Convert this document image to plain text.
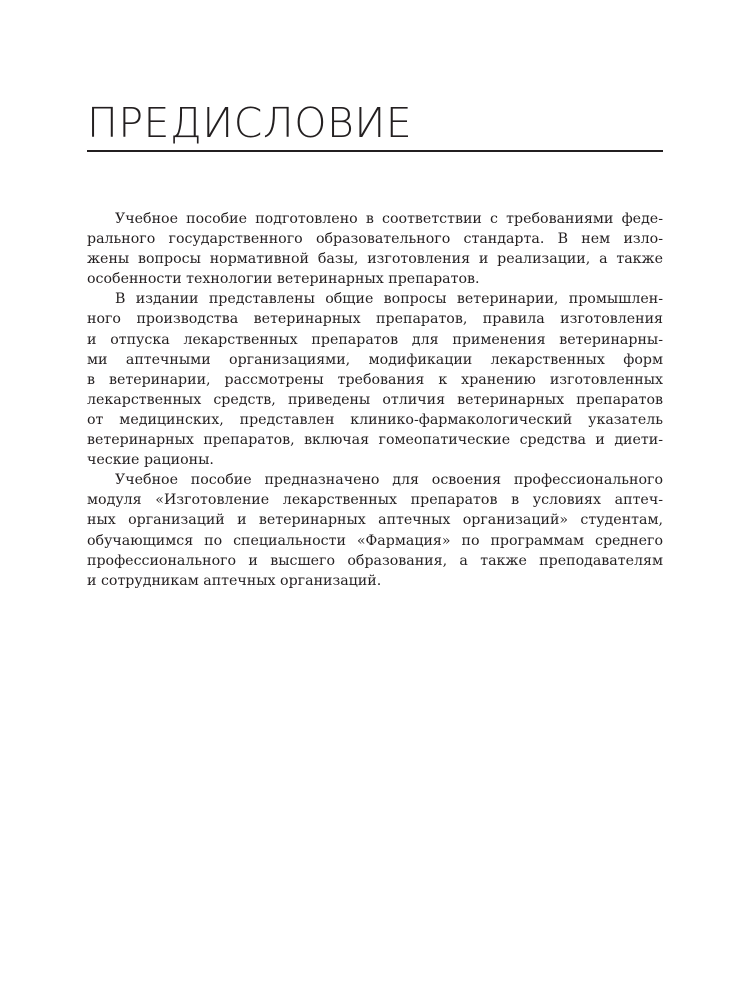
ПРЕДИСЛОВИЕ

Учебное пособие подготовлено в соответствии с требованиями феде-
рального государственного образовательного стандарта. В нем изло-
жены вопросы нормативной базы, изготовления и реализации, а также
особенности технологии ветеринарных препаратов.

В издании представлены общие вопросы ветеринарии, промышлен-
ного производства ветеринарных препаратов, правила изготовления
и отпуска лекарственных препаратов для применения ветеринарны-
ми аптечными организациями, модификации лекарственных форм
в ветеринарии, рассмотрены требования к хранению изготовленных
лекарственных средств, приведены отличия ветеринарных препаратов
от медицинских, представлен клинико-фармакологический указатель
ветеринарных препаратов, включая гомеопатические средства и диети-
ческие рационы.

Учебное пособие предназначено для освоения профессионального
модуля «Изготовление лекарственных препаратов в условиях аптеч-
ных организаций и ветеринарных аптечных организаций» студентам,
обучающимся по специальности «Фармация» по программам среднего
профессионального и высшего образования, а также преподавателям
и сотрудникам аптечных организаций.
